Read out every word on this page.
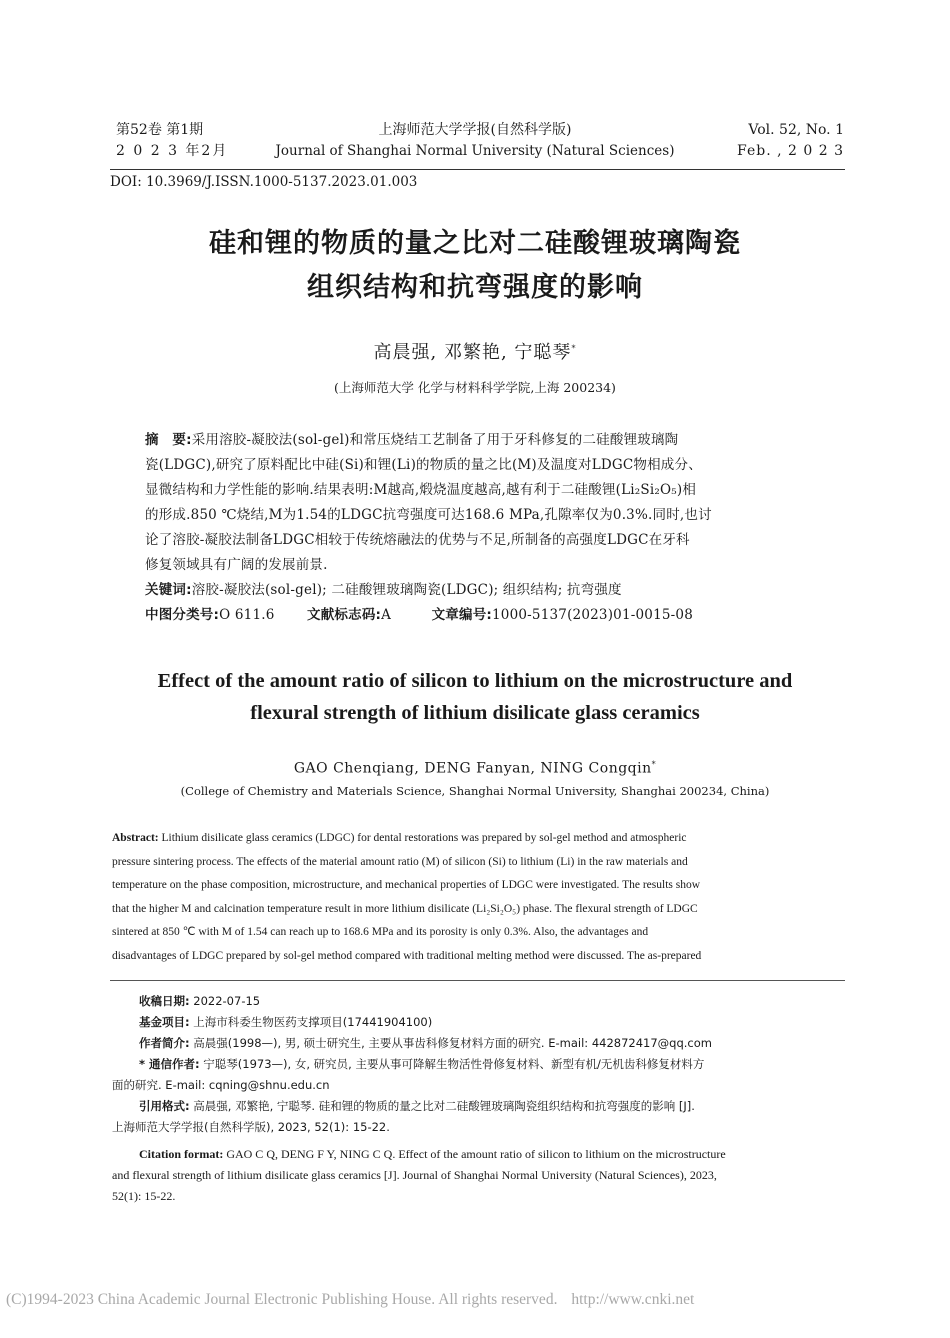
第52卷 第1期
2 0 2 3 年2月
上海师范大学学报(自然科学版)
Journal of Shanghai Normal University (Natural Sciences)
Vol. 52, No. 1
Feb. , 2 0 2 3
DOI: 10.3969/J.ISSN.1000-5137.2023.01.003
硅和锂的物质的量之比对二硅酸锂玻璃陶瓷
组织结构和抗弯强度的影响
高晨强, 邓繁艳, 宁聪琴*
(上海师范大学 化学与材料科学学院,上海 200234)
摘　要:采用溶胶-凝胶法(sol-gel)和常压烧结工艺制备了用于牙科修复的二硅酸锂玻璃陶
瓷(LDGC),研究了原料配比中硅(Si)和锂(Li)的物质的量之比(M)及温度对LDGC物相成分、
显微结构和力学性能的影响.结果表明:M越高,煅烧温度越高,越有利于二硅酸锂(Li₂Si₂O₅)相
的形成.850 ℃烧结,M为1.54的LDGC抗弯强度可达168.6 MPa,孔隙率仅为0.3%.同时,也讨
论了溶胶-凝胶法制备LDGC相较于传统熔融法的优势与不足,所制备的高强度LDGC在牙科
修复领域具有广阔的发展前景.
关键词:溶胶-凝胶法(sol-gel); 二硅酸锂玻璃陶瓷(LDGC); 组织结构; 抗弯强度
中图分类号:O 611.6 文献标志码:A	文章编号:1000-5137(2023)01-0015-08
Effect of the amount ratio of silicon to lithium on the microstructure and
flexural strength of lithium disilicate glass ceramics
GAO Chenqiang, DENG Fanyan, NING Congqin*
(College of Chemistry and Materials Science, Shanghai Normal University, Shanghai 200234, China)
Abstract: Lithium disilicate glass ceramics (LDGC) for dental restorations was prepared by sol-gel method and atmospheric
pressure sintering process. The effects of the material amount ratio (M) of silicon (Si) to lithium (Li) in the raw materials and
temperature on the phase composition, microstructure, and mechanical properties of LDGC were investigated. The results show
that the higher M and calcination temperature result in more lithium disilicate (Li₂Si₂O₅) phase. The flexural strength of LDGC
sintered at 850 ℃ with M of 1.54 can reach up to 168.6 MPa and its porosity is only 0.3%. Also, the advantages and
disadvantages of LDGC prepared by sol-gel method compared with traditional melting method were discussed. The as-prepared
收稿日期: 2022-07-15
基金项目: 上海市科委生物医药支撑项目(17441904100)
作者简介: 高晨强(1998—), 男, 硕士研究生, 主要从事齿科修复材料方面的研究. E-mail: 442872417@qq.com
* 通信作者: 宁聪琴(1973—), 女, 研究员, 主要从事可降解生物活性骨修复材料、新型有机/无机齿科修复材料方
面的研究. E-mail: cqning@shnu.edu.cn
引用格式: 高晨强, 邓繁艳, 宁聪琴. 硅和锂的物质的量之比对二硅酸锂玻璃陶瓷组织结构和抗弯强度的影响 [J].
上海师范大学学报(自然科学版), 2023, 52(1): 15-22.
Citation format: GAO C Q, DENG F Y, NING C Q. Effect of the amount ratio of silicon to lithium on the microstructure
and flexural strength of lithium disilicate glass ceramics [J]. Journal of Shanghai Normal University (Natural Sciences), 2023,
52(1): 15-22.
(C)1994-2023 China Academic Journal Electronic Publishing House. All rights reserved. http://www.cnki.net
